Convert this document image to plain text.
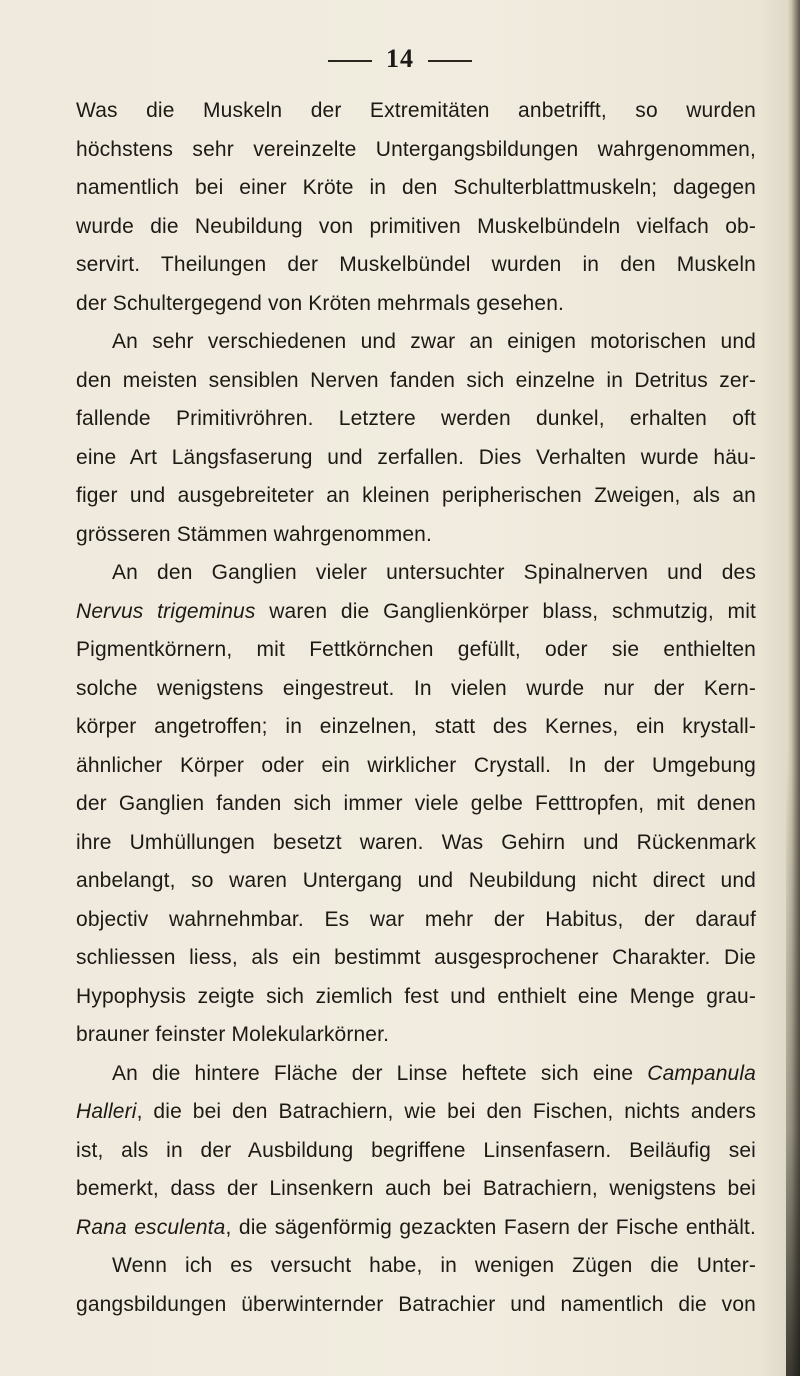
14
Was die Muskeln der Extremitäten anbetrifft, so wurden
höchstens sehr vereinzelte Untergangsbildungen wahrgenommen,
namentlich bei einer Kröte in den Schulterblattmuskeln; dagegen
wurde die Neubildung von primitiven Muskelbündeln vielfach ob-
servirt. Theilungen der Muskelbündel wurden in den Muskeln
der Schultergegend von Kröten mehrmals gesehen.
An sehr verschiedenen und zwar an einigen motorischen und
den meisten sensiblen Nerven fanden sich einzelne in Detritus zer-
fallende Primitivröhren. Letztere werden dunkel, erhalten oft
eine Art Längsfaserung und zerfallen. Dies Verhalten wurde häu-
figer und ausgebreiteter an kleinen peripherischen Zweigen, als an
grösseren Stämmen wahrgenommen.
An den Ganglien vieler untersuchter Spinalnerven und des
Nervus trigeminus waren die Ganglienkörper blass, schmutzig, mit
Pigmentkörnern, mit Fettkörnchen gefüllt, oder sie enthielten
solche wenigstens eingestreut. In vielen wurde nur der Kern-
körper angetroffen; in einzelnen, statt des Kernes, ein krystall-
ähnlicher Körper oder ein wirklicher Crystall. In der Umgebung
der Ganglien fanden sich immer viele gelbe Fetttropfen, mit denen
ihre Umhüllungen besetzt waren. Was Gehirn und Rückenmark
anbelangt, so waren Untergang und Neubildung nicht direct und
objectiv wahrnehmbar. Es war mehr der Habitus, der darauf
schliessen liess, als ein bestimmt ausgesprochener Charakter. Die
Hypophysis zeigte sich ziemlich fest und enthielt eine Menge grau-
brauner feinster Molekularkörner.
An die hintere Fläche der Linse heftete sich eine Campanula
Halleri, die bei den Batrachiern, wie bei den Fischen, nichts anders
ist, als in der Ausbildung begriffene Linsenfasern. Beiläufig sei
bemerkt, dass der Linsenkern auch bei Batrachiern, wenigstens bei
Rana esculenta, die sägenförmig gezackten Fasern der Fische enthält.
Wenn ich es versucht habe, in wenigen Zügen die Unter-
gangsbildungen überwinternder Batrachier und namentlich die von
